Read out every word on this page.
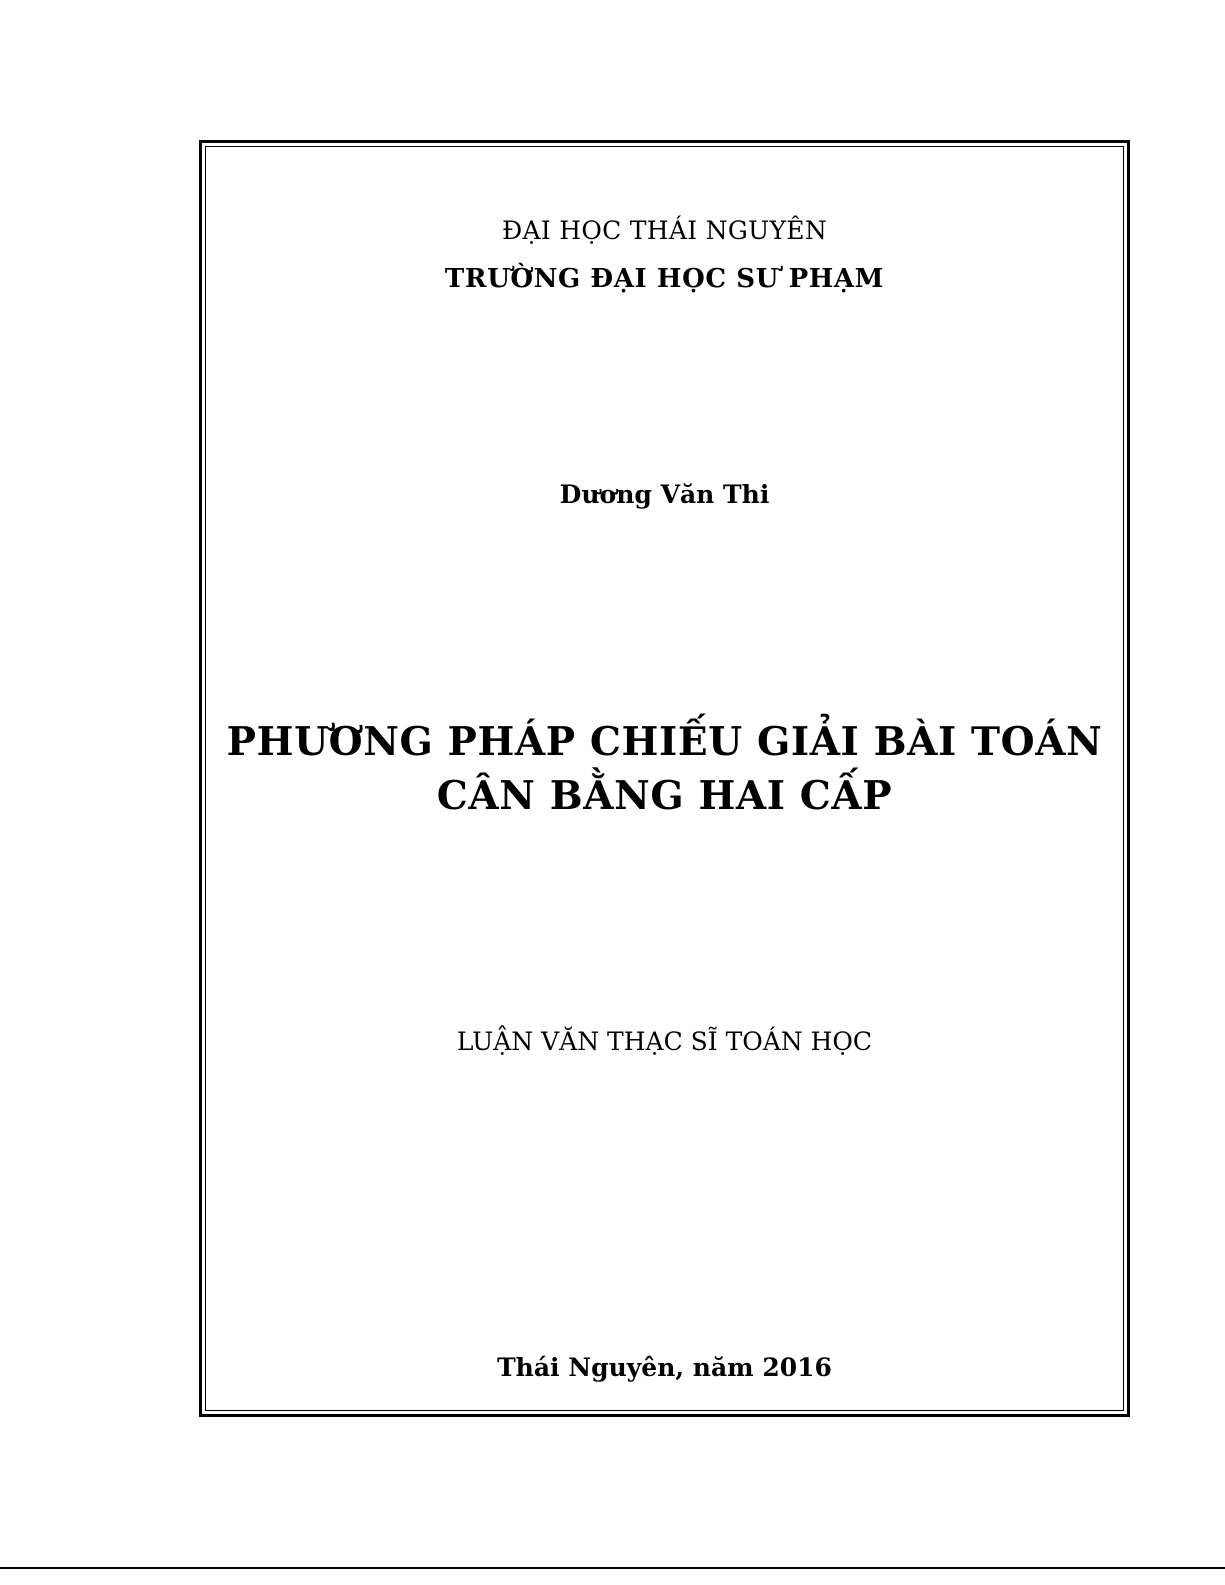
ĐẠI HỌC THÁI NGUYÊN
TRƯỜNG ĐẠI HỌC SƯ PHẠM
Dương Văn Thi
PHƯƠNG PHÁP CHIẾU GIẢI BÀI TOÁN
CÂN BẰNG HAI CẤP
LUẬN VĂN THẠC SĨ TOÁN HỌC
Thái Nguyên, năm 2016
